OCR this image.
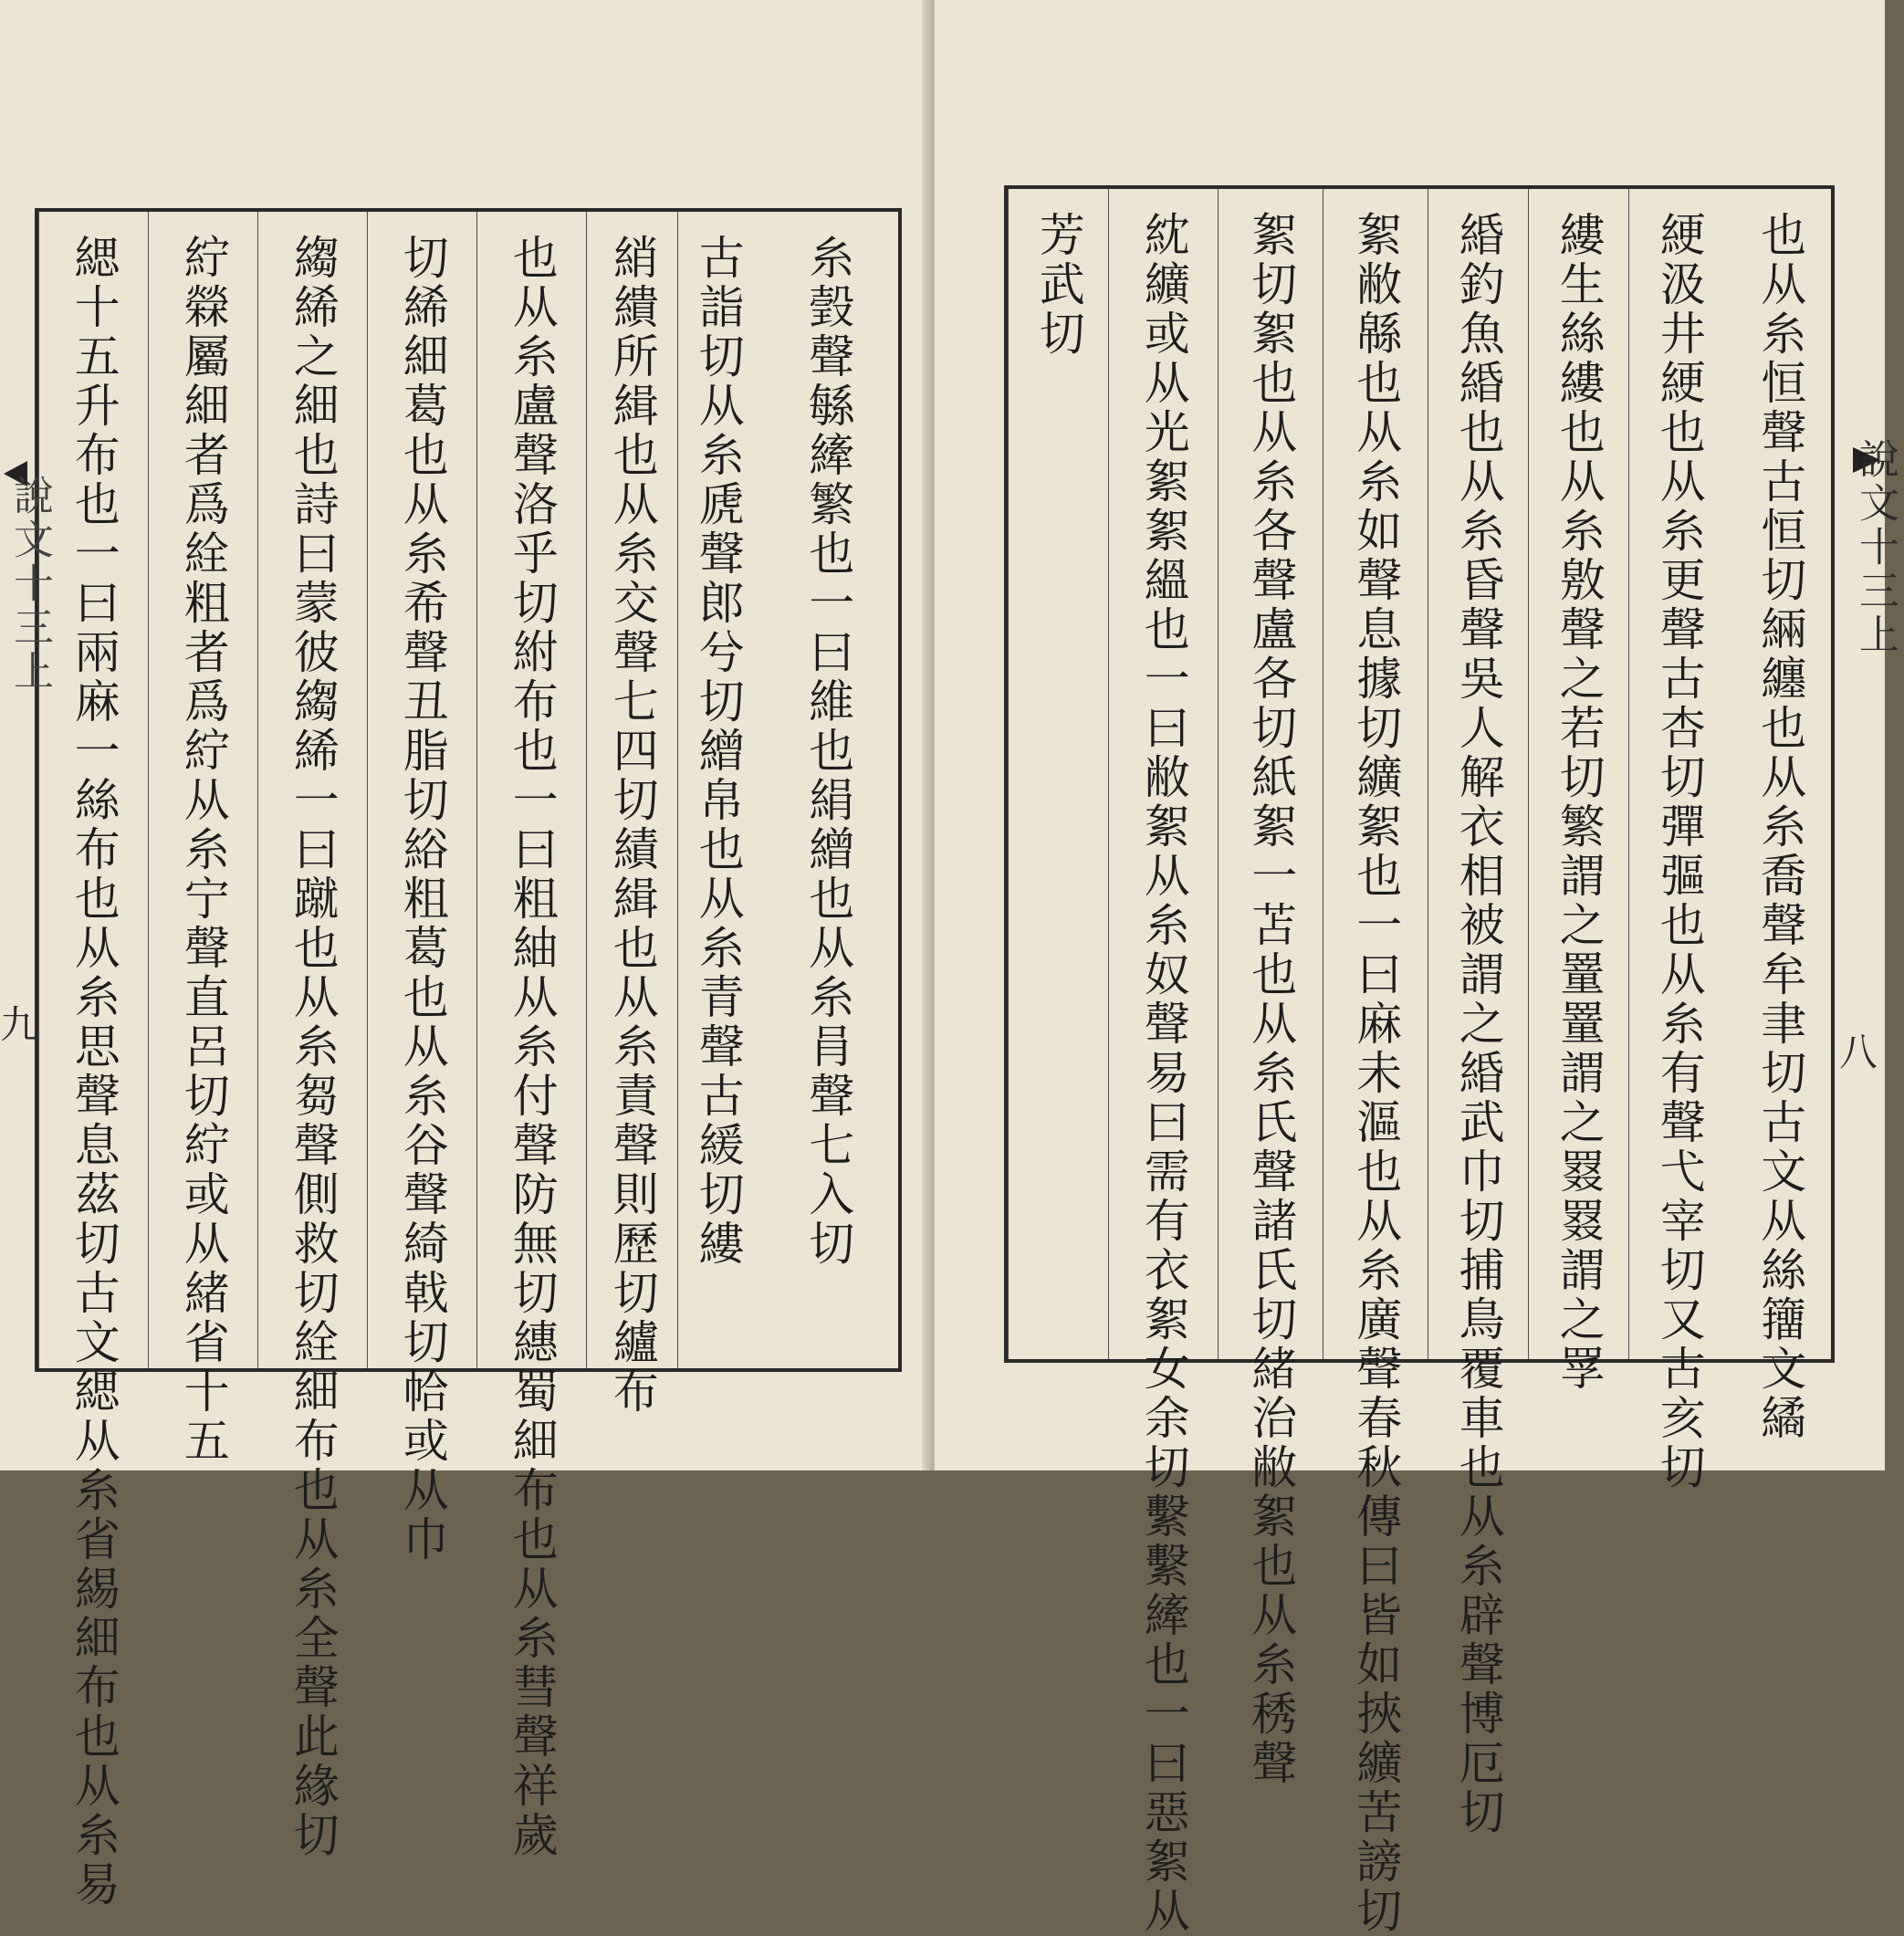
糸瑴聲緐縴繁也一曰維也絹繒也从糸肙聲七入切
古詣切从糸虒聲郎兮切繒帛也从糸青聲古緩切縷
綃繢所緝也从糸交聲七四切績緝也从糸責聲則歷切纑布
也从糸盧聲洛乎切紨布也一曰粗紬从糸付聲防無切繐蜀細布也从糸彗聲祥歲
切絺細葛也从糸希聲丑脂切綌粗葛也从糸谷聲綺戟切帢或从巾
縐絺之細也詩曰蒙彼縐絺一曰蹴也从糸芻聲側救切絟細布也从糸全聲此緣切
紵檾屬細者爲絟粗者爲紵从糸宁聲直呂切紵或从緒省十五
緦十五升布也一曰兩麻一絲布也从糸思聲息茲切古文緦从糸省緆細布也从糸易
說文十三上
九	也从糸恒聲古恒切緉纏也从糸喬聲牟聿切古文从絲籒文繘
綆汲井綆也从糸更聲古杏切彈彄也从糸有聲弋宰切又古亥切
縷生絲縷也从糸敫聲之若切繁謂之罿罿謂之罬罬謂之罦
緍釣魚緍也从糸昏聲吳人解衣相被謂之緍武巾切捕鳥覆車也从糸辟聲博厄切
絮敝緜也从糸如聲息據切纊絮也一曰麻未漚也从糸廣聲春秋傳曰皆如挾纊苦謗切
絮切絮也从糸各聲盧各切紙絮一苫也从糸氏聲諸氏切緒治敝絮也从糸䅎聲
紞纊或从光絮絮縕也一曰敝絮从糸奴聲易曰需有衣絮女余切繫繫縴也一曰惡絮从
芳武切
說文十三上
八
